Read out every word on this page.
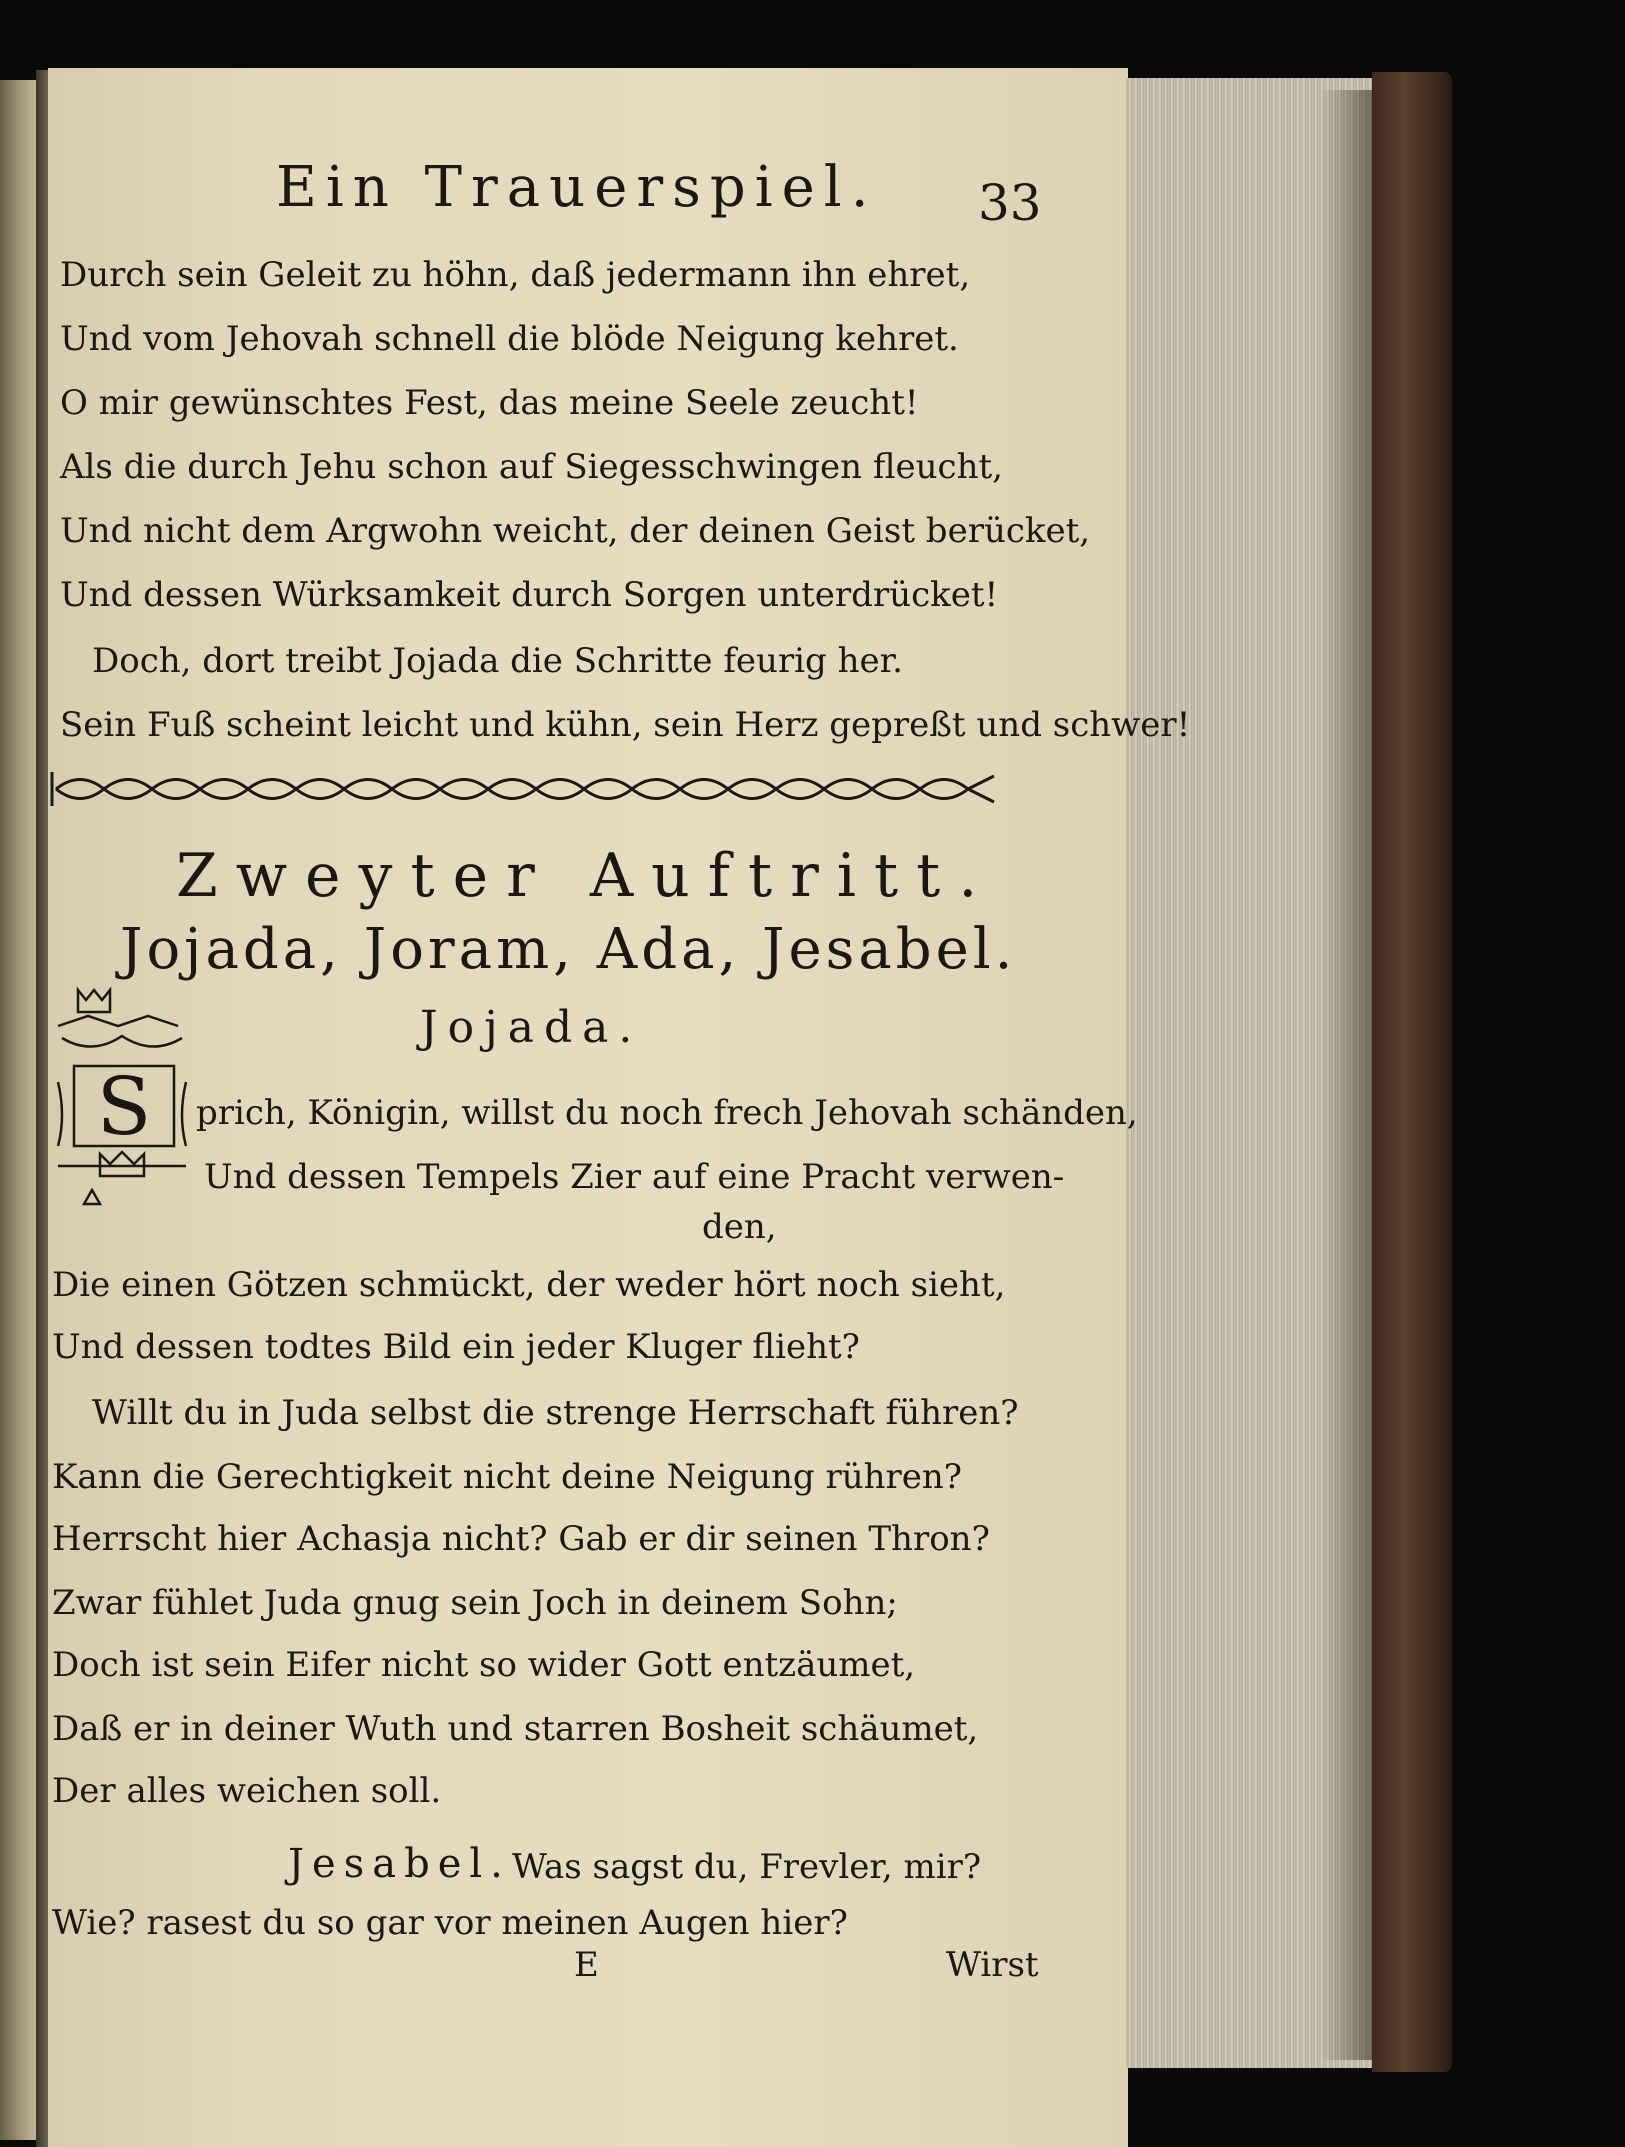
Ein Trauerspiel. 33
Durch sein Geleit zu höhn, daß jedermann ihn ehret,
Und vom Jehovah schnell die blöde Neigung kehret.
O mir gewünschtes Fest, das meine Seele zeucht!
Als die durch Jehu schon auf Siegesschwingen fleucht,
Und nicht dem Argwohn weicht, der deinen Geist berücket,
Und dessen Würksamkeit durch Sorgen unterdrücket!
Doch, dort treibt Jojada die Schritte feurig her.
Sein Fuß scheint leicht und kühn, sein Herz gepreßt und schwer!
Zweyter Auftritt.
Jojada, Joram, Ada, Jesabel.
Jojada.
S prich, Königin, willst du noch frech Jehovah schänden,
Und dessen Tempels Zier auf eine Pracht verwen-
den,
Die einen Götzen schmückt, der weder hört noch sieht,
Und dessen todtes Bild ein jeder Kluger flieht?
Willt du in Juda selbst die strenge Herrschaft führen?
Kann die Gerechtigkeit nicht deine Neigung rühren?
Herrscht hier Achasja nicht? Gab er dir seinen Thron?
Zwar fühlet Juda gnug sein Joch in deinem Sohn;
Doch ist sein Eifer nicht so wider Gott entzäumet,
Daß er in deiner Wuth und starren Bosheit schäumet,
Der alles weichen soll.
Jesabel. Was sagst du, Frevler, mir?
Wie? rasest du so gar vor meinen Augen hier?
E	Wirst
